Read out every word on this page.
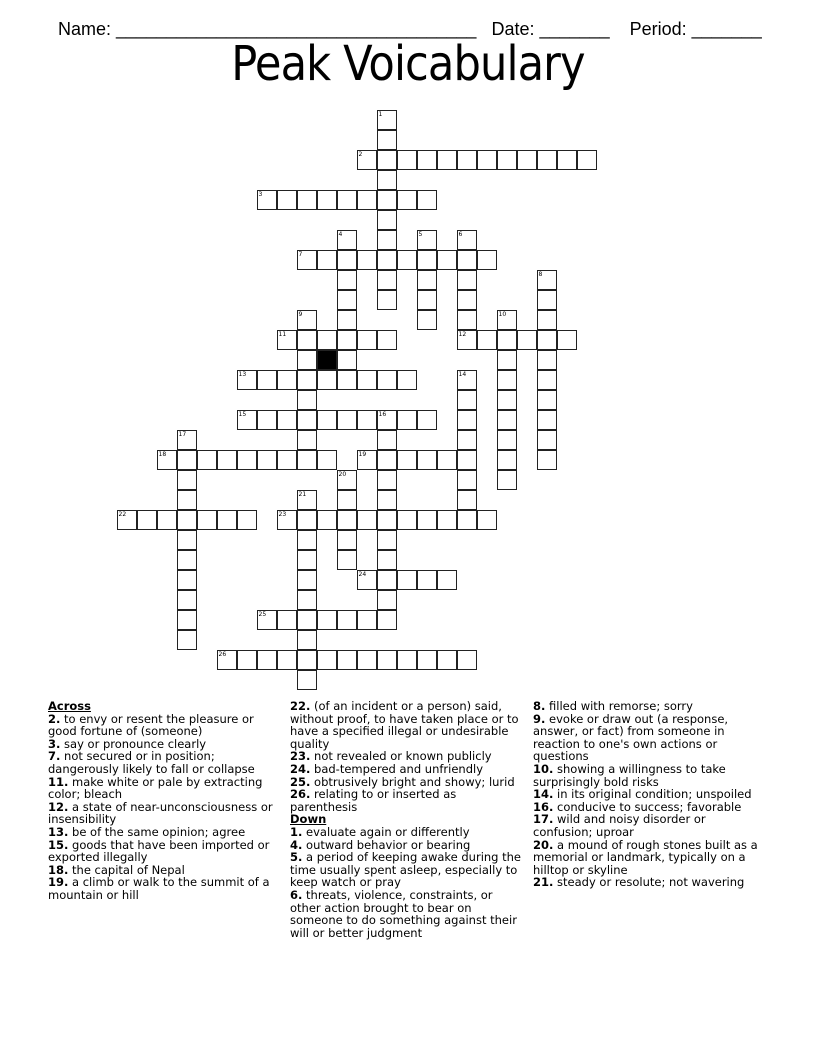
Name: ____________________________________ Date: _______ Period: _______

Peak Voicabulary
1
2
3
4	5	6
12
7
8
9	10
11
13	14
15	16
17
18	19
20
21
22	23
24
25
26
Across
2. to envy or resent the pleasure or good fortune of (someone)
3. say or pronounce clearly
7. not secured or in position; dangerously likely to fall or collapse
11. make white or pale by extracting color; bleach
12. a state of near-unconsciousness or insensibility
13. be of the same opinion; agree
15. goods that have been imported or exported illegally
18. the capital of Nepal
19. a climb or walk to the summit of a mountain or hill
22. (of an incident or a person) said, without proof, to have taken place or to have a specified illegal or undesirable quality
23. not revealed or known publicly
24. bad-tempered and unfriendly
25. obtrusively bright and showy; lurid
26. relating to or inserted as parenthesis
Down
1. evaluate again or differently
4. outward behavior or bearing
5. a period of keeping awake during the time usually spent asleep, especially to keep watch or pray
6. threats, violence, constraints, or other action brought to bear on someone to do something against their will or better judgment
8. filled with remorse; sorry
9. evoke or draw out (a response, answer, or fact) from someone in reaction to one's own actions or questions
10. showing a willingness to take surprisingly bold risks
14. in its original condition; unspoiled
16. conducive to success; favorable
17. wild and noisy disorder or confusion; uproar
20. a mound of rough stones built as a memorial or landmark, typically on a hilltop or skyline
21. steady or resolute; not wavering
